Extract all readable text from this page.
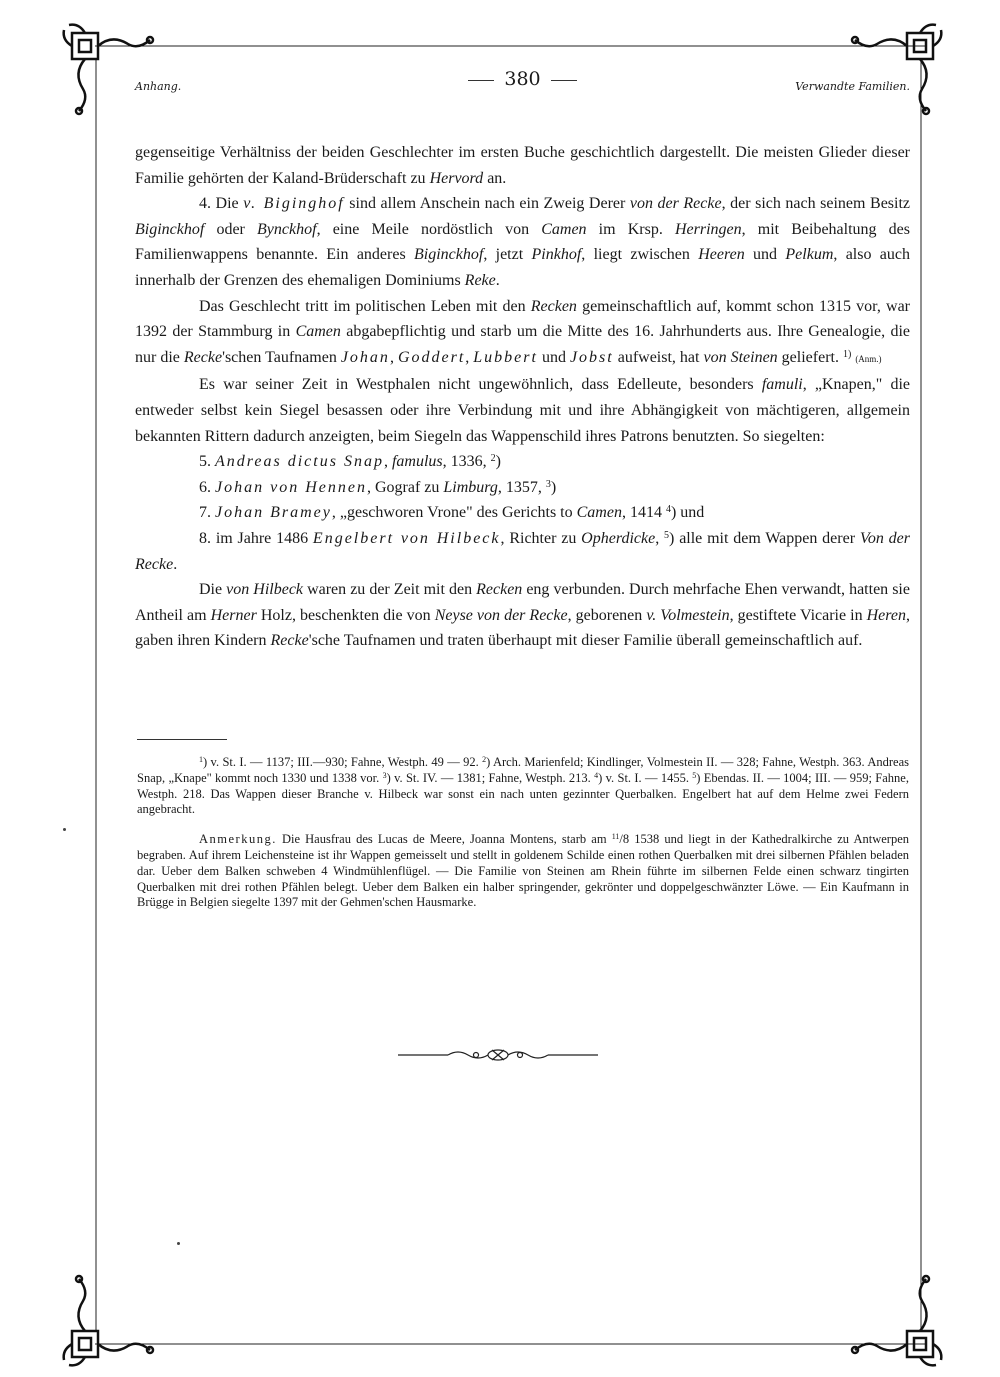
Anhang.	380	Verwandte Familien.

gegenseitige Verhältniss der beiden Geschlechter im ersten Buche geschichtlich dargestellt. Die meisten Glieder dieser Familie gehörten der Kaland-Brüderschaft zu Hervord an.

4. Die v. Biginghof sind allem Anschein nach ein Zweig Derer von der Recke, der sich nach seinem Besitz Biginckhof oder Bynckhof, eine Meile nordöstlich von Camen im Krsp. Herringen, mit Beibehaltung des Familienwappens benannte. Ein anderes Biginckhof, jetzt Pinkhof, liegt zwischen Heeren und Pelkum, also auch innerhalb der Grenzen des ehemaligen Dominiums Reke.

Das Geschlecht tritt im politischen Leben mit den Recken gemeinschaftlich auf, kommt schon 1315 vor, war 1392 der Stammburg in Camen abgabepflichtig und starb um die Mitte des 16. Jahrhunderts aus. Ihre Genealogie, die nur die Recke'schen Taufnamen Johan, Goddert, Lubbert und Jobst aufweist, hat von Steinen geliefert. $^{1)}$ (Anm.)

Es war seiner Zeit in Westphalen nicht ungewöhnlich, dass Edelleute, besonders famuli, „Knapen," die entweder selbst kein Siegel besassen oder ihre Verbindung mit und ihre Abhängigkeit von mächtigeren, allgemein bekannten Rittern dadurch anzeigten, beim Siegeln das Wappenschild ihres Patrons benutzten. So siegelten:

5. Andreas dictus Snap, famulus, 1336, $^2$)

6. Johan von Hennen, Gograf zu Limburg, 1357, $^3$)

7. Johan Bramey, „geschworen Vrone" des Gerichts to Camen, 1414 $^4$) und

8. im Jahre 1486 Engelbert von Hilbeck, Richter zu Opherdicke, $^5$) alle mit dem Wappen derer Von der Recke.

Die von Hilbeck waren zu der Zeit mit den Recken eng verbunden. Durch mehrfache Ehen verwandt, hatten sie Antheil am Herner Holz, beschenkten die von Neyse von der Recke, geborenen v. Volmestein, gestiftete Vicarie in Heren, gaben ihren Kindern Recke'sche Taufnamen und traten überhaupt mit dieser Familie überall gemeinschaftlich auf.

$^1$) v. St. I. — 1137; III.—930; Fahne, Westph. 49 — 92. $^2$) Arch. Marienfeld; Kindlinger, Volmestein II. — 328; Fahne, Westph. 363. Andreas Snap, „Knape" kommt noch 1330 und 1338 vor. $^3$) v. St. IV. — 1381; Fahne, Westph. 213. $^4$) v. St. I. — 1455. $^5$) Ebendas. II. — 1004; III. — 959; Fahne, Westph. 218. Das Wappen dieser Branche v. Hilbeck war sonst ein nach unten gezinnter Querbalken. Engelbert hat auf dem Helme zwei Federn angebracht.

Anmerkung. Die Hausfrau des Lucas de Meere, Joanna Montens, starb am $^{11}$/8 1538 und liegt in der Kathedralkirche zu Antwerpen begraben. Auf ihrem Leichensteine ist ihr Wappen gemeisselt und stellt in goldenem Schilde einen rothen Querbalken mit drei silbernen Pfählen beladen dar. Ueber dem Balken schweben 4 Windmühlenflügel. — Die Familie von Steinen am Rhein führte im silbernen Felde einen schwarz tingirten Querbalken mit drei rothen Pfählen belegt. Ueber dem Balken ein halber springender, gekrönter und doppelgeschwänzter Löwe. — Ein Kaufmann in Brügge in Belgien siegelte 1397 mit der Gehmen'schen Hausmarke.
